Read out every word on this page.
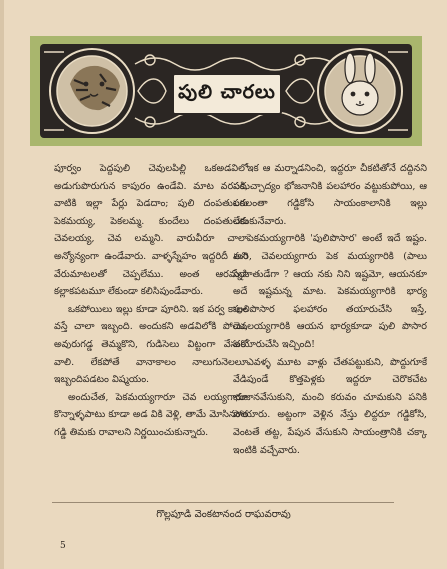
పులి చారలు

పూర్వం పెద్దపులి చెవులపిల్లి ఒకఅడవిలో అడుగుపొరుగున కాపురం ఉండేవి. మాట వరసకి, వాటికి ఇల్లా పేర్లు పెడదాం; పులి దంపతులకు పెకమయ్య, పెకలమ్మ. కుందేలు దంపతులకు చెవలయ్య, చెవ లమ్మని. వారువీరూ చాలా అన్యోన్యంగా ఉండేవారు. వాళ్ళస్నేహం ఇద్దరిదీ అని వేరుమాటలతో చెప్పలేము. అంత ఆరమరా కల్లాకపటమూ లేకుండా కలిసిపుండేవారు.

ఒకపోయిలు ఇల్లు కూడా పూరిని. ఇక పర్వ కాలం వస్తే చాలా ఇబ్బంది. అందుకని అడవిలోకి పోయి, అవురుగడ్డ తెమ్మకొని, గుడిసెలు విట్టంగా వేసుకో వాలి. లేకపోతే వానాకాలం నాలుగునెలలూ ఇబ్బందిపడటం విష్మయం.

అందుచేత, పెకమయ్యగారూ చెవ లయ్యగారూ కొన్నాళ్ళపాటు కూడా అడ వికి వెళ్లి, తామే మోసినంత గడ్డి తిమకు రావాలని నిర్ణయించుకున్నారు.

ఇక ఆ మర్నాడనించి, ఇద్దరూ చీకటితోనే దద్దినని పదుచ్చాద్యం భోజనానికి పలహారం వట్టుకుపోయి, ఆ పగలంతా గడ్డికోసి సాయంకాలానికి ఇల్లు చేరుకునేవారు.

పెకమయ్యగారికి 'పులిపొసార' అంటే ఇదే ఇష్టం. మరి, చెవలయ్యగారు పెక మయ్యగారికి (పాలు స్నేహితుడేగా ? ఆయ నకు నిని ఇష్టమో, ఆయనకూ అదే ఇష్టమన్న మాట. పెకమయ్యగారికి భార్య పులిపొసార ఫలహారం తయారుచేసి ఇస్తే, చెవలయ్యగారికి ఆయన భార్యకూడా పులి పొసార తయారుచేసి ఇచ్చింది!

ఎవళ్ళ మూట వాళ్లు చేతపట్టుకుని, పొద్దుగూకే వేడిపుండే కొత్తపెళ్లకు ఇద్దరూ చెరొకచేట భుజానవేసుకుని, మంచి కరువం చూమకుని పనికి పోయారు. అట్టంగా వెళ్లిన నేస్తు లిద్దరూ గడ్డికోసి, వెంటతే తట్ట, పేపున వేసుకుని సాయంత్రానికి చక్కా ఇంటికి వచ్చేవారు.

గొల్లపూడి వెంకటానంద రాఘవరావు
5
